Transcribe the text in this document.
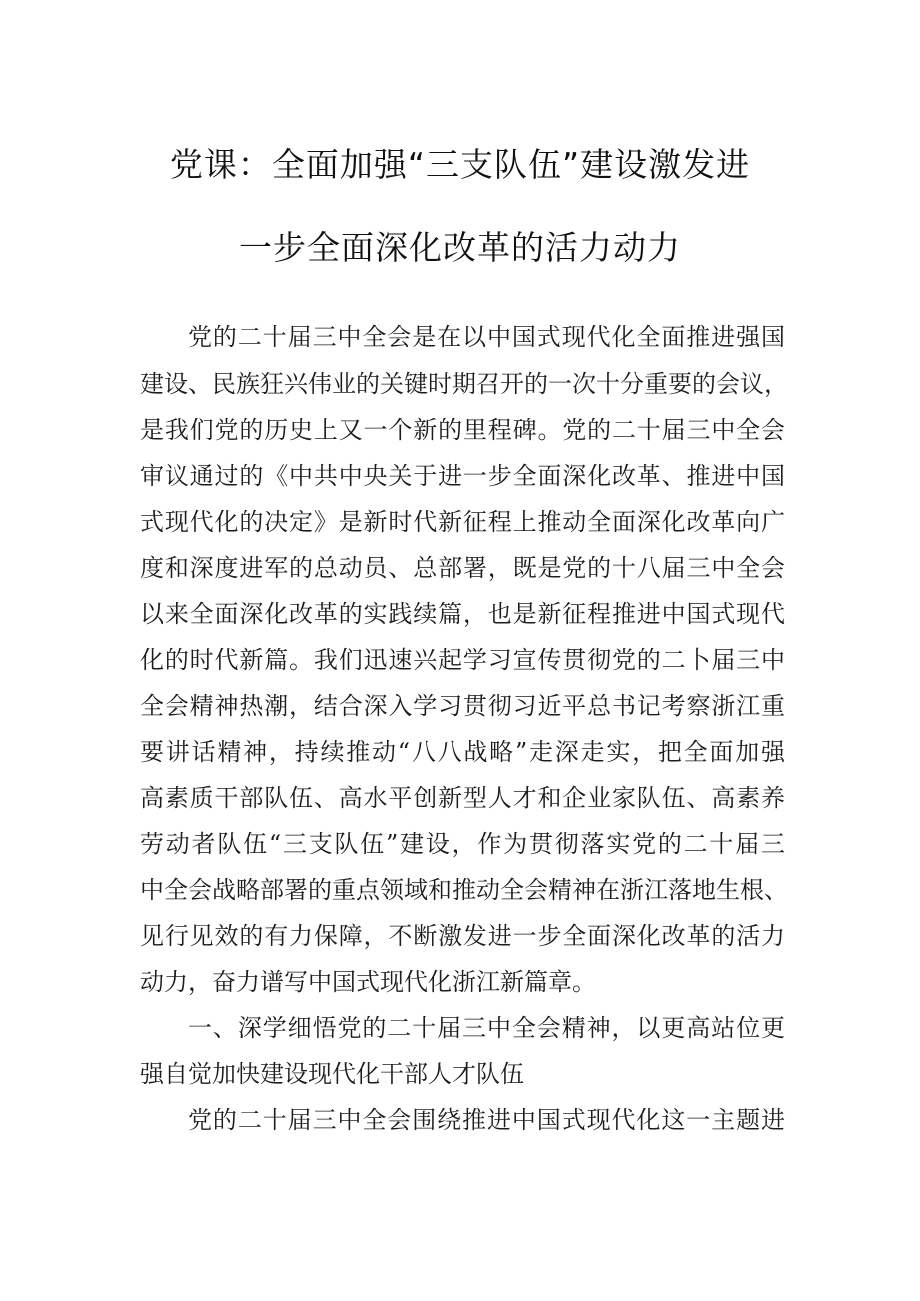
党课：全面加强“三支队伍”建设激发进
一步全面深化改革的活力动力
党的二十届三中全会是在以中国式现代化全面推进强国
建设、民族狂兴伟业的关键时期召开的一次十分重要的会议，
是我们党的历史上又一个新的里程碑。党的二十届三中全会
审议通过的《中共中央关于进一步全面深化改革、推进中国
式现代化的决定》是新时代新征程上推动全面深化改革向广
度和深度进军的总动员、总部署，既是党的十八届三中全会
以来全面深化改革的实践续篇，也是新征程推进中国式现代
化的时代新篇。我们迅速兴起学习宣传贯彻党的二卜届三中
全会精神热潮，结合深入学习贯彻习近平总书记考察浙江重
要讲话精神，持续推动“八八战略”走深走实，把全面加强
高素质干部队伍、高水平创新型人才和企业家队伍、高素养
劳动者队伍“三支队伍”建设，作为贯彻落实党的二十届三
中全会战略部署的重点领域和推动全会精神在浙江落地生根、
见行见效的有力保障，不断激发进一步全面深化改革的活力
动力，奋力谱写中国式现代化浙江新篇章。
一、深学细悟党的二十届三中全会精神，以更高站位更
强自觉加快建设现代化干部人才队伍
党的二十届三中全会围绕推进中国式现代化这一主题进
